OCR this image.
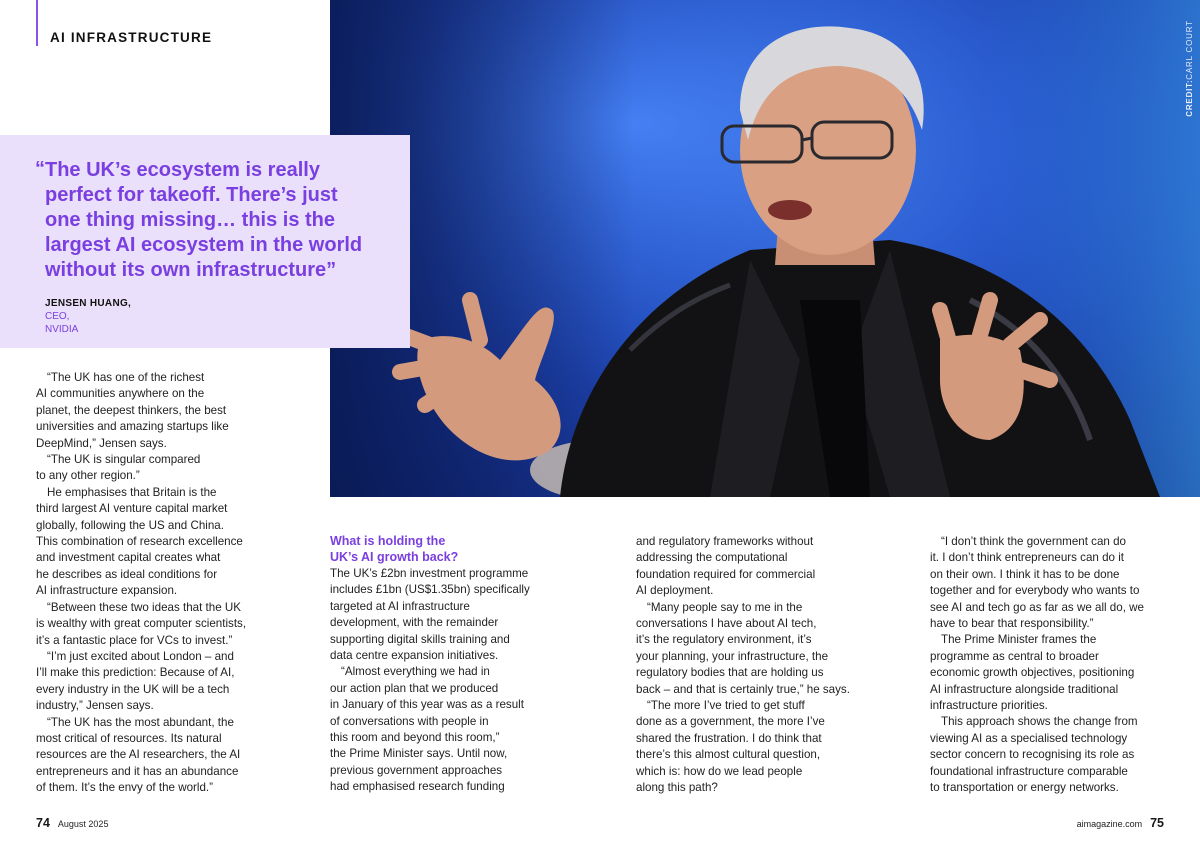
AI INFRASTRUCTURE
CREDIT:CARL COURT
“ The UK’s ecosystem is really
perfect for takeoff. There’s just
one thing missing… this is the
largest AI ecosystem in the world
without its own infrastructure”
JENSEN HUANG,
CEO,
NVIDIA

“The UK has one of the richest

AI communities anywhere on the

planet, the deepest thinkers, the best

universities and amazing startups like

DeepMind,” Jensen says.

“The UK is singular compared

to any other region.”

He emphasises that Britain is the

third largest AI venture capital market

globally, following the US and China.

This combination of research excellence

and investment capital creates what

he describes as ideal conditions for

AI infrastructure expansion.

“Between these two ideas that the UK

is wealthy with great computer scientists,

it’s a fantastic place for VCs to invest.”

“I’m just excited about London – and

I’ll make this prediction: Because of AI,

every industry in the UK will be a tech

industry,” Jensen says.

“The UK has the most abundant, the

most critical of resources. Its natural

resources are the AI researchers, the AI

entrepreneurs and it has an abundance

of them. It’s the envy of the world.”

What is holding the
UK’s AI growth back?

The UK’s £2bn investment programme

includes £1bn (US$1.35bn) specifically

targeted at AI infrastructure

development, with the remainder

supporting digital skills training and

data centre expansion initiatives.

“Almost everything we had in

our action plan that we produced

in January of this year was as a result

of conversations with people in

this room and beyond this room,”

the Prime Minister says. Until now,

previous government approaches

had emphasised research funding

and regulatory frameworks without

addressing the computational

foundation required for commercial

AI deployment.

“Many people say to me in the

conversations I have about AI tech,

it’s the regulatory environment, it’s

your planning, your infrastructure, the

regulatory bodies that are holding us

back – and that is certainly true,” he says.

“The more I’ve tried to get stuff

done as a government, the more I’ve

shared the frustration. I do think that

there’s this almost cultural question,

which is: how do we lead people

along this path?

“I don’t think the government can do

it. I don’t think entrepreneurs can do it

on their own. I think it has to be done

together and for everybody who wants to

see AI and tech go as far as we all do, we

have to bear that responsibility.”

The Prime Minister frames the

programme as central to broader

economic growth objectives, positioning

AI infrastructure alongside traditional

infrastructure priorities.

This approach shows the change from

viewing AI as a specialised technology

sector concern to recognising its role as

foundational infrastructure comparable

to transportation or energy networks.

74 August 2025	aimagazine.com 75
